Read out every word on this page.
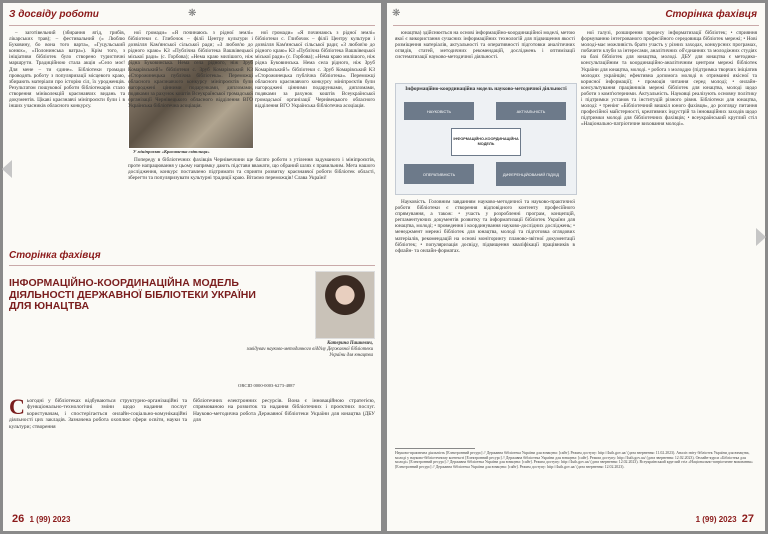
З досвіду роботи	❋

– заготівельний (збирання ягід, грибів, лікарських трав); – фестивальний (« Люблю Буковину, бо вона того варта», «Гуцульський конюх», «Полонинська ватра»). Крім того, з ініціативи бібліотек було створено туристичні маршрути. Традиційною стала акція «Село моє! Для мене – ти єдине». Бібліотеки громади проводять роботу з популяризації місцевого краю, збирають матеріали про історію сіл, їх уродженців. Результатом пошукової роботи бібліотекарів стало створення мініколекцій краєзнавчих видань та документів. Цікаві краєзнавчі мініпроєкти були і в інших учасників обласного конкурсу.

У мініпроєкт «Красавичка світлиця»

ної громади» «Я починаюсь з рідної землі» бібліотеки с. Глибочок – філії Центру культури і дозвілля Кам'янської сільської ради; «З любов'ю до рідного краю» КЗ «Публічна бібліотека Вашківецької міської ради» (с. Горбова); «Нема краю милішого, ніж рідна Буковинська. Нема села рідного, ніж Зруб Комарівський!» бібліотеки с. Зруб Комарівський КЗ «Сторожинецька публічна бібліотека». Переможці обласного краєзнавчого конкурсу мініпроєктів були нагороджені цінними подарунками, дипломами, подяками за рахунок коштів Всеукраїнської громадської організації Чернівецького обласного відділення ВГО Українська бібліотечна асоціація.

ної громади» «Я починаюсь з рідної землі» бібліотеки с. Глибочок – філії Центру культури і дозвілля Кам'янської сільської ради; «З любов'ю до рідного краю» КЗ «Публічна бібліотека Вашківецької міської ради» (с. Горбова); «Нема краю милішого, ніж рідна Буковинська. Нема села рідного, ніж Зруб Комарівський!» бібліотеки с. Зруб Комарівський КЗ «Сторожинецька публічна бібліотека». Переможці обласного краєзнавчого конкурсу мініпроєктів були нагороджені цінними подарунками, дипломами, подяками за рахунок коштів Всеукраїнської громадської організації Чернівецького обласного відділення ВГО Українська бібліотечна асоціація.

Попереду в бібліотечних фахівців Чернівеччини ще багато роботи з утілення задуманого і мініпроєктів, проте напрацювання у цьому напрямку дають підстави вважати, що обраний шлях є правильним. Мета нашого дослідження, конкурс поставлено підтримати та сприяти розвитку краєзнавчої роботи бібліотек області, зберегти та популяризувати культурні традиції краю. Вітаємо переможців! Слава Україні!

Сторінка фахівця
ІНФОРМАЦІЙНО-КООРДИНАЦІЙНА МОДЕЛЬ ДІЯЛЬНОСТІ ДЕРЖАВНОЇ БІБЛІОТЕКИ УКРАЇНИ ДЛЯ ЮНАЦТВА
Катерина Пашкевич,
завідувач науково-методичного відділу Державної бібліотеки України для юнацтва
ORCID 0000-0003-6273-4887
Сьогодні у бібліотеках відбуваються структурно-організаційні та функціонально-технологічні зміни щодо надання послуг користувачам, і спостерігається онлайн-соціально-комунікаційні діяльності цих закладів. Зазначена робота охоплює сфери освіти, науки та культури; створення
бібліотечних електронних ресурсів. Вона є інноваційною стратегією, спрямованою на розвиток та надання бібліотечних і проєктних послуг. Науково-методична робота Державної бібліотеки України для юнацтва (ДБУ для
26 1 (99) 2023
❋	Сторінка фахівця

юнацтва) здійснюється на основі інформаційно-координаційної моделі, метою якої є використання сучасних інформаційних технологій для підвищення якості розміщення матеріалів, актуальності та оперативності підготовки аналітичних оглядів, статей, методичних рекомендацій, досліджень і оптимізації систематизації науково-методичної діяльності.

Інформаційно-координаційна модель науково-методичної діяльності
НАУКОВІСТЬ	АКТУАЛЬНІСТЬ
ОПЕРАТИВНІСТЬ	ДИФЕРЕНЦІЙОВАНИЙ ПІДХІД
ІНФОРМАЦІЙНО-КООРДИНАЦІЙНА МОДЕЛЬ

Науковість. Головним завданням науково-методичної та науково-практичної роботи бібліотеки є створення відповідного контенту професійного спрямування, а також: • участь у розробленні програм, концепцій, регламентуючих документів розвитку та інформатизації бібліотек України для юнацтва, молоді; • проведення і координування науково-дослідних досліджень; • менеджмент мережі бібліотек для юнацтва, молоді та підготовка оглядових матеріалів, рекомендацій на основі моніторингу планово-звітної документації бібліотек; • популяризація досвіду, підвищення кваліфікації працівників в офлайн- та онлайн-форматах.

ної галузі, розширення процесу інформатизації бібліотек; • сприяння формуванню інтегрованого професійного середовища бібліотек мережі; • Нові молоді-має можливість брати участь у різних заходах, конкурсних програмах, побачити клуби за інтересами, аналітичних об'єднаннях та молодіжних студіях на базі бібліотек для юнацтва, молоді. ДБУ для юнацтва є методико-консультаційним та координаційно-аналітичним центром мережі бібліотек України для юнацтва, молоді. • робота з молоддю (підтримка творчих ініціатив молодих українців; ефективна допомога молоді в отриманні якісної та корисної інформації); • промоція читання серед молоді; • онлайн-консультування працівників мережі бібліотек для юнацтва, молоді щодо роботи з комп'ютерними. Актуальність. Науковці реалізують основну політику і підтримки установ та інституцій різного рівня. Бібліотеки для юнацтва, молоді: • тренінг «Бібліотечний вишкіл юного фахівця», до розгляду питання професійної майстерності, креативних індустрій та інноваційних заходів щодо підтримки молоді для бібліотечних фахівців; • всеукраїнський круглий стіл «Національно-патріотичне виховання молоді».

Науково-практична діяльність [Електронний ресурс] // Державна бібліотека України для юнацтва: [сайт]. Режим доступу: http://4uth.gov.ua/ (дата звернення: 11.02.2023). Аналіз звіту бібліотек України для юнацтва, молоді у науково-бібліотечному контексті [Електронний ресурс] // Державна бібліотека України для юнацтва: [сайт]. Режим доступу: http://4uth.gov.ua/ (дата звернення: 12.02.2023). Онлайн-курси «Бібліотека для молоді» [Електронний ресурс] // Державна бібліотека України для юнацтва: [сайт]. Режим доступу: http://4uth.gov.ua/ (дата звернення: 12.02.2023). Всеукраїнський круглий стіл «Національно-патріотичне виховання» [Електронний ресурс] // Державна бібліотека України для юнацтва: [сайт]. Режим доступу: http://4uth.gov.ua/ (дата звернення: 12.02.2023).
1 (99) 2023 27
